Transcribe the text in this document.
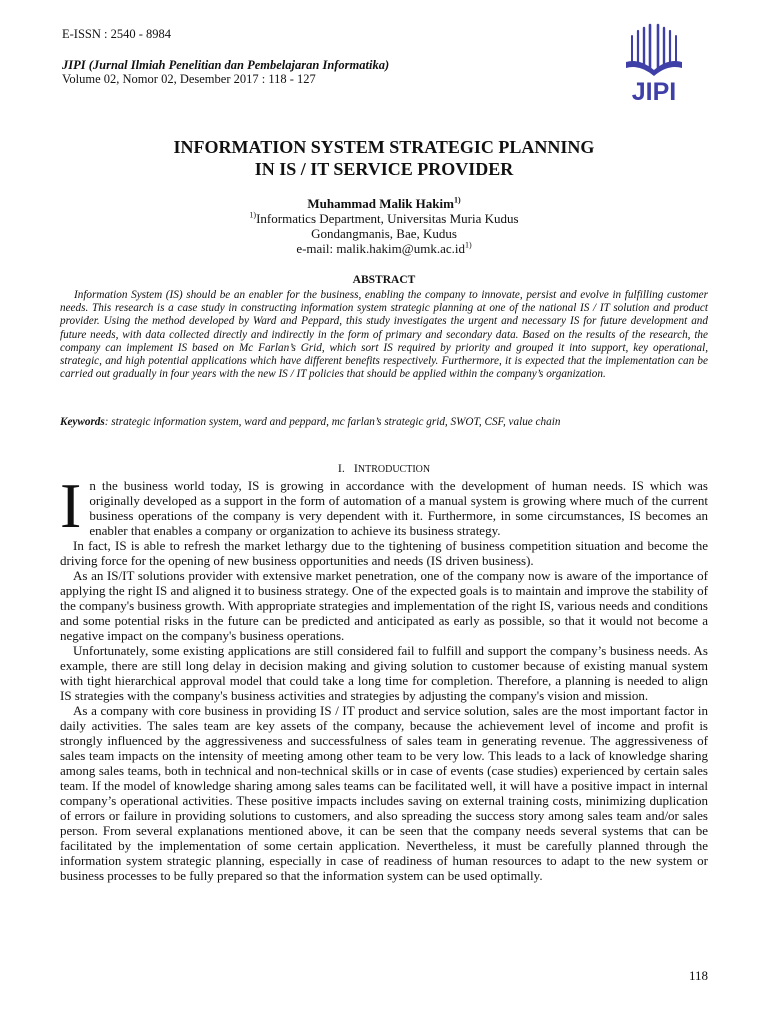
E-ISSN : 2540 - 8984
JIPI (Jurnal Ilmiah Penelitian dan Pembelajaran Informatika)
Volume 02, Nomor 02, Desember 2017 : 118 - 127	JIPI
INFORMATION SYSTEM STRATEGIC PLANNING
IN IS / IT SERVICE PROVIDER
Muhammad Malik Hakim$^{1)}$
$^{1)}$Informatics Department, Universitas Muria Kudus
Gondangmanis, Bae, Kudus
e-mail: $malik.hakim@umk.ac.id^{1)}$
ABSTRACT

Information System (IS) should be an enabler for the business, enabling the company to innovate, persist and evolve in fulfilling customer needs. This research is a case study in constructing information system strategic planning at one of the national IS / IT solution and product provider. Using the method developed by Ward and Peppard, this study investigates the urgent and necessary IS for future development and future needs, with data collected directly and indirectly in the form of primary and secondary data. Based on the results of the research, the company can implement IS based on Mc Farlan’s Grid, which sort IS required by priority and grouped it into support, key operational, strategic, and high potential applications which have different benefits respectively. Furthermore, it is expected that the implementation can be carried out gradually in four years with the new IS / IT policies that should be applied within the company’s organization.

Keywords: strategic information system, ward and peppard, mc farlan’s strategic grid, SWOT, CSF, value chain

I. INTRODUCTION

In the business world today, IS is growing in accordance with the development of human needs. IS which was originally developed as a support in the form of automation of a manual system is growing where much of the current business operations of the company is very dependent with it. Furthermore, in some circumstances, IS becomes an enabler that enables a company or organization to achieve its business strategy.

In fact, IS is able to refresh the market lethargy due to the tightening of business competition situation and become the driving force for the opening of new business opportunities and needs (IS driven business).

As an IS/IT solutions provider with extensive market penetration, one of the company now is aware of the importance of applying the right IS and aligned it to business strategy. One of the expected goals is to maintain and improve the stability of the company's business growth. With appropriate strategies and implementation of the right IS, various needs and conditions and some potential risks in the future can be predicted and anticipated as early as possible, so that it would not become a negative impact on the company's business operations.

Unfortunately, some existing applications are still considered fail to fulfill and support the company’s business needs. As example, there are still long delay in decision making and giving solution to customer because of existing manual system with tight hierarchical approval model that could take a long time for completion. Therefore, a planning is needed to align IS strategies with the company's business activities and strategies by adjusting the company's vision and mission.

As a company with core business in providing IS / IT product and service solution, sales are the most important factor in daily activities. The sales team are key assets of the company, because the achievement level of income and profit is strongly influenced by the aggressiveness and successfulness of sales team in generating revenue. The aggressiveness of sales team impacts on the intensity of meeting among other team to be very low. This leads to a lack of knowledge sharing among sales teams, both in technical and non-technical skills or in case of events (case studies) experienced by certain sales team. If the model of knowledge sharing among sales teams can be facilitated well, it will have a positive impact in internal company’s operational activities. These positive impacts includes saving on external training costs, minimizing duplication of errors or failure in providing solutions to customers, and also spreading the success story among sales team and/or sales person. From several explanations mentioned above, it can be seen that the company needs several systems that can be facilitated by the implementation of some certain application. Nevertheless, it must be carefully planned through the information system strategic planning, especially in case of readiness of human resources to adapt to the new system or business processes to be fully prepared so that the information system can be used optimally.

118
